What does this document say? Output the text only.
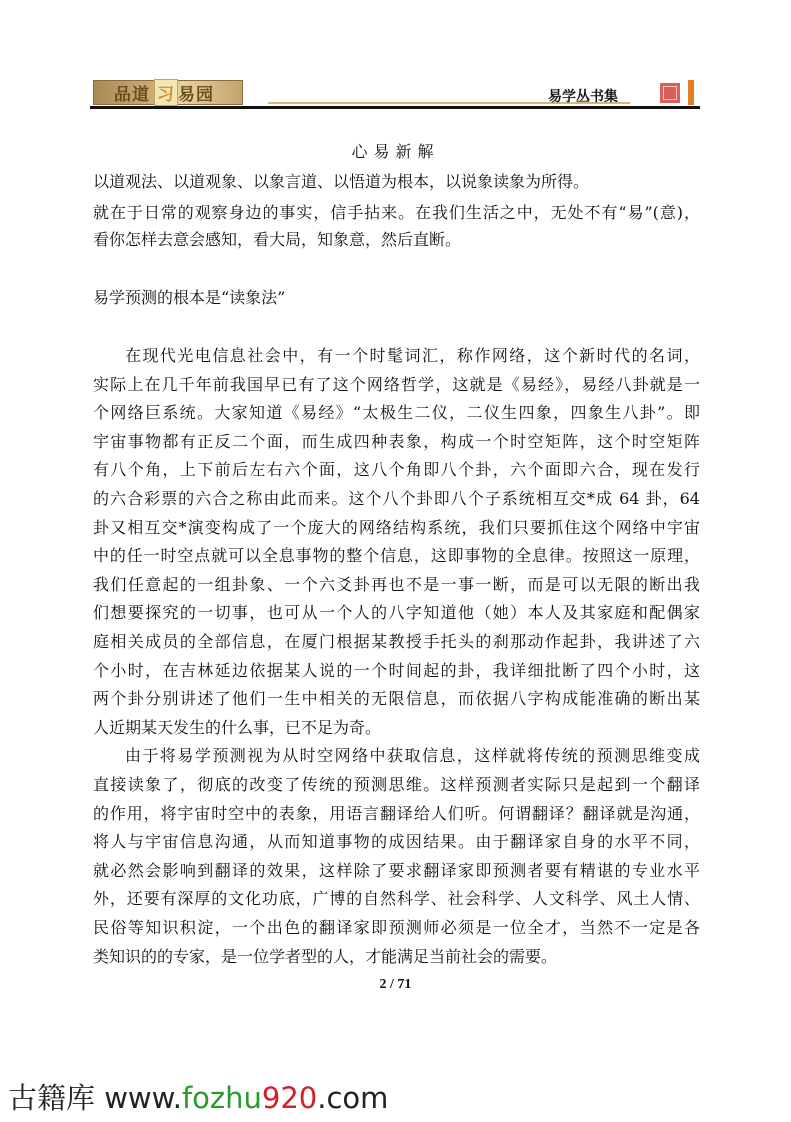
品道 习 易园	易学丛书集
心易新解
以道观法、以道观象、以象言道、以悟道为根本，以说象读象为所得。
就在于日常的观察身边的事实，信手拈来。在我们生活之中，无处不有“易”(意)，
看你怎样去意会感知，看大局，知象意，然后直断。
易学预测的根本是“读象法”
在现代光电信息社会中，有一个时髦词汇，称作网络，这个新时代的名词，
实际上在几千年前我国早已有了这个网络哲学，这就是《易经》，易经八卦就是一
个网络巨系统。大家知道《易经》“太极生二仪，二仪生四象，四象生八卦”。即
宇宙事物都有正反二个面，而生成四种表象，构成一个时空矩阵，这个时空矩阵
有八个角，上下前后左右六个面，这八个角即八个卦，六个面即六合，现在发行
的六合彩票的六合之称由此而来。这个八个卦即八个子系统相互交*成 64 卦，64
卦又相互交*演变构成了一个庞大的网络结构系统，我们只要抓住这个网络中宇宙
中的任一时空点就可以全息事物的整个信息，这即事物的全息律。按照这一原理，
我们任意起的一组卦象、一个六爻卦再也不是一事一断，而是可以无限的断出我
们想要探究的一切事，也可从一个人的八字知道他（她）本人及其家庭和配偶家
庭相关成员的全部信息，在厦门根据某教授手托头的刹那动作起卦，我讲述了六
个小时，在吉林延边依据某人说的一个时间起的卦，我详细批断了四个小时，这
两个卦分别讲述了他们一生中相关的无限信息，而依据八字构成能准确的断出某
人近期某天发生的什么事，已不足为奇。
由于将易学预测视为从时空网络中获取信息，这样就将传统的预测思维变成
直接读象了，彻底的改变了传统的预测思维。这样预测者实际只是起到一个翻译
的作用，将宇宙时空中的表象，用语言翻译给人们听。何谓翻译？翻译就是沟通，
将人与宇宙信息沟通，从而知道事物的成因结果。由于翻译家自身的水平不同，
就必然会影响到翻译的效果，这样除了要求翻译家即预测者要有精谌的专业水平
外，还要有深厚的文化功底，广博的自然科学、社会科学、人文科学、风土人情、
民俗等知识积淀，一个出色的翻译家即预测师必须是一位全才，当然不一定是各
类知识的的专家，是一位学者型的人，才能满足当前社会的需要。
2 / 71
古籍库 www.fozhu920.com
